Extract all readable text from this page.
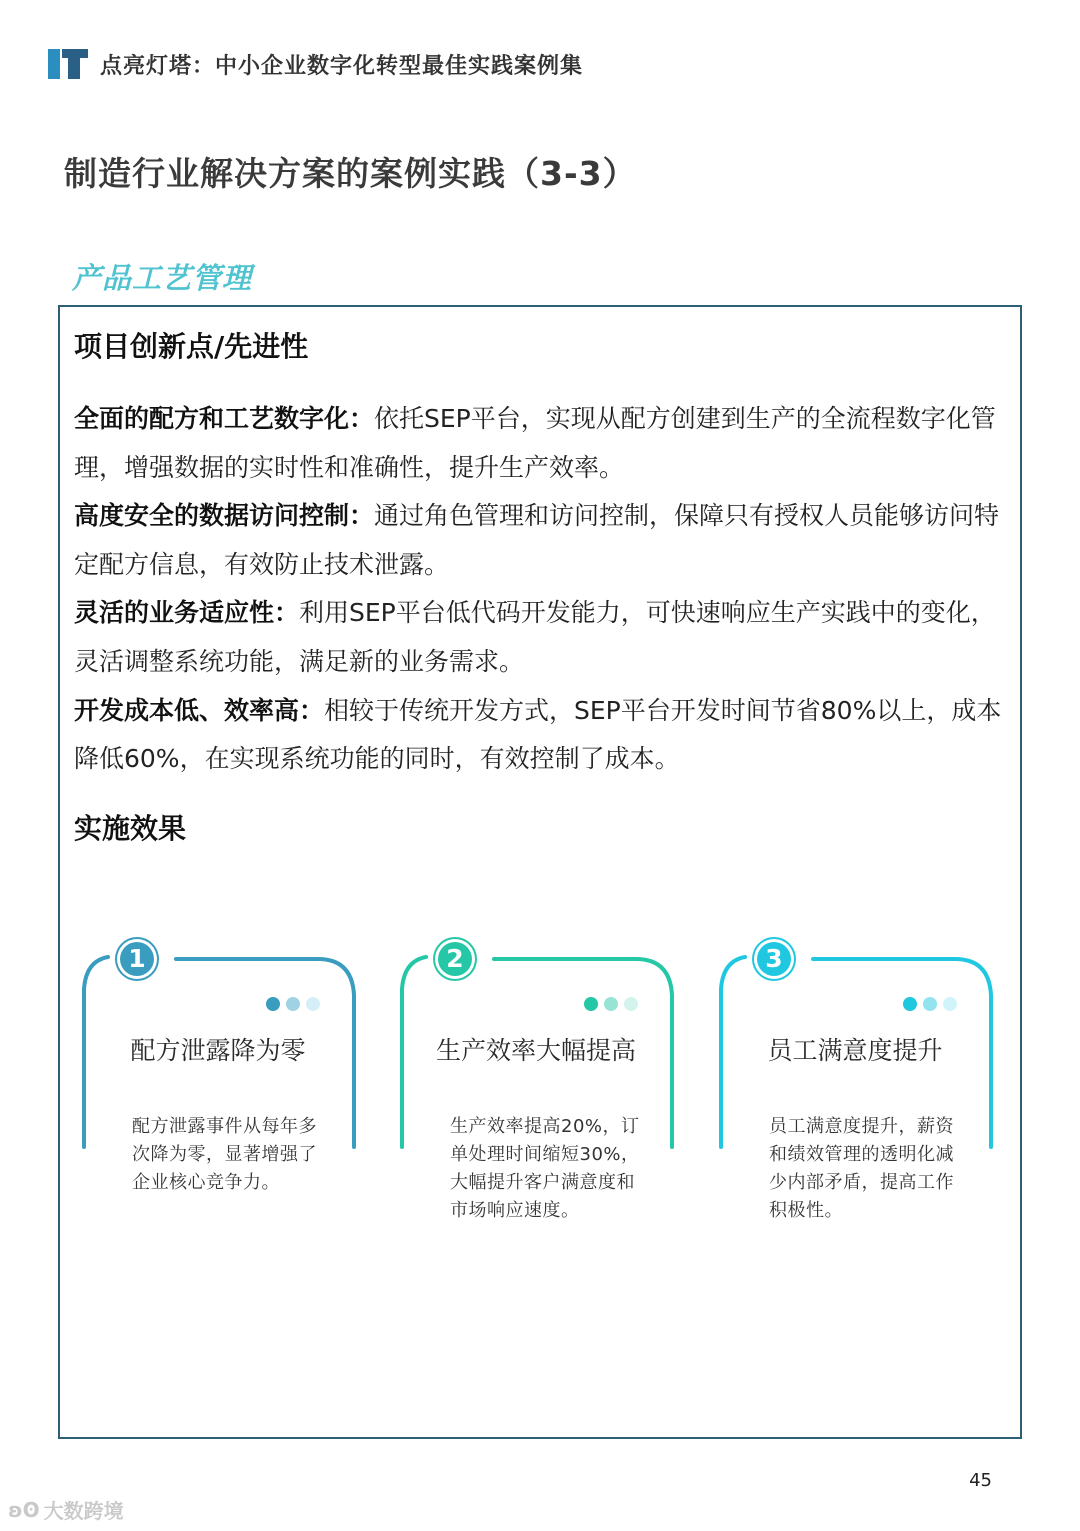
点亮灯塔：中小企业数字化转型最佳实践案例集
制造行业解决方案的案例实践（3-3）
产品工艺管理
项目创新点/先进性

全面的配方和工艺数字化：依托SEP平台，实现从配方创建到生产的全流程数字化管理，增强数据的实时性和准确性，提升生产效率。

高度安全的数据访问控制：通过角色管理和访问控制，保障只有授权人员能够访问特定配方信息，有效防止技术泄露。

灵活的业务适应性：利用SEP平台低代码开发能力，可快速响应生产实践中的变化，灵活调整系统功能，满足新的业务需求。

开发成本低、效率高：相较于传统开发方式，SEP平台开发时间节省80%以上，成本降低60%，在实现系统功能的同时，有效控制了成本。

实施效果
1
配方泄露降为零
配方泄露事件从每年多次降为零，显著增强了企业核心竞争力。
2
生产效率大幅提高
生产效率提高20%，订单处理时间缩短30%，大幅提升客户满意度和市场响应速度。
3
员工满意度提升
员工满意度提升，薪资和绩效管理的透明化减少内部矛盾，提高工作积极性。
45
ʚʘ 大数跨境
